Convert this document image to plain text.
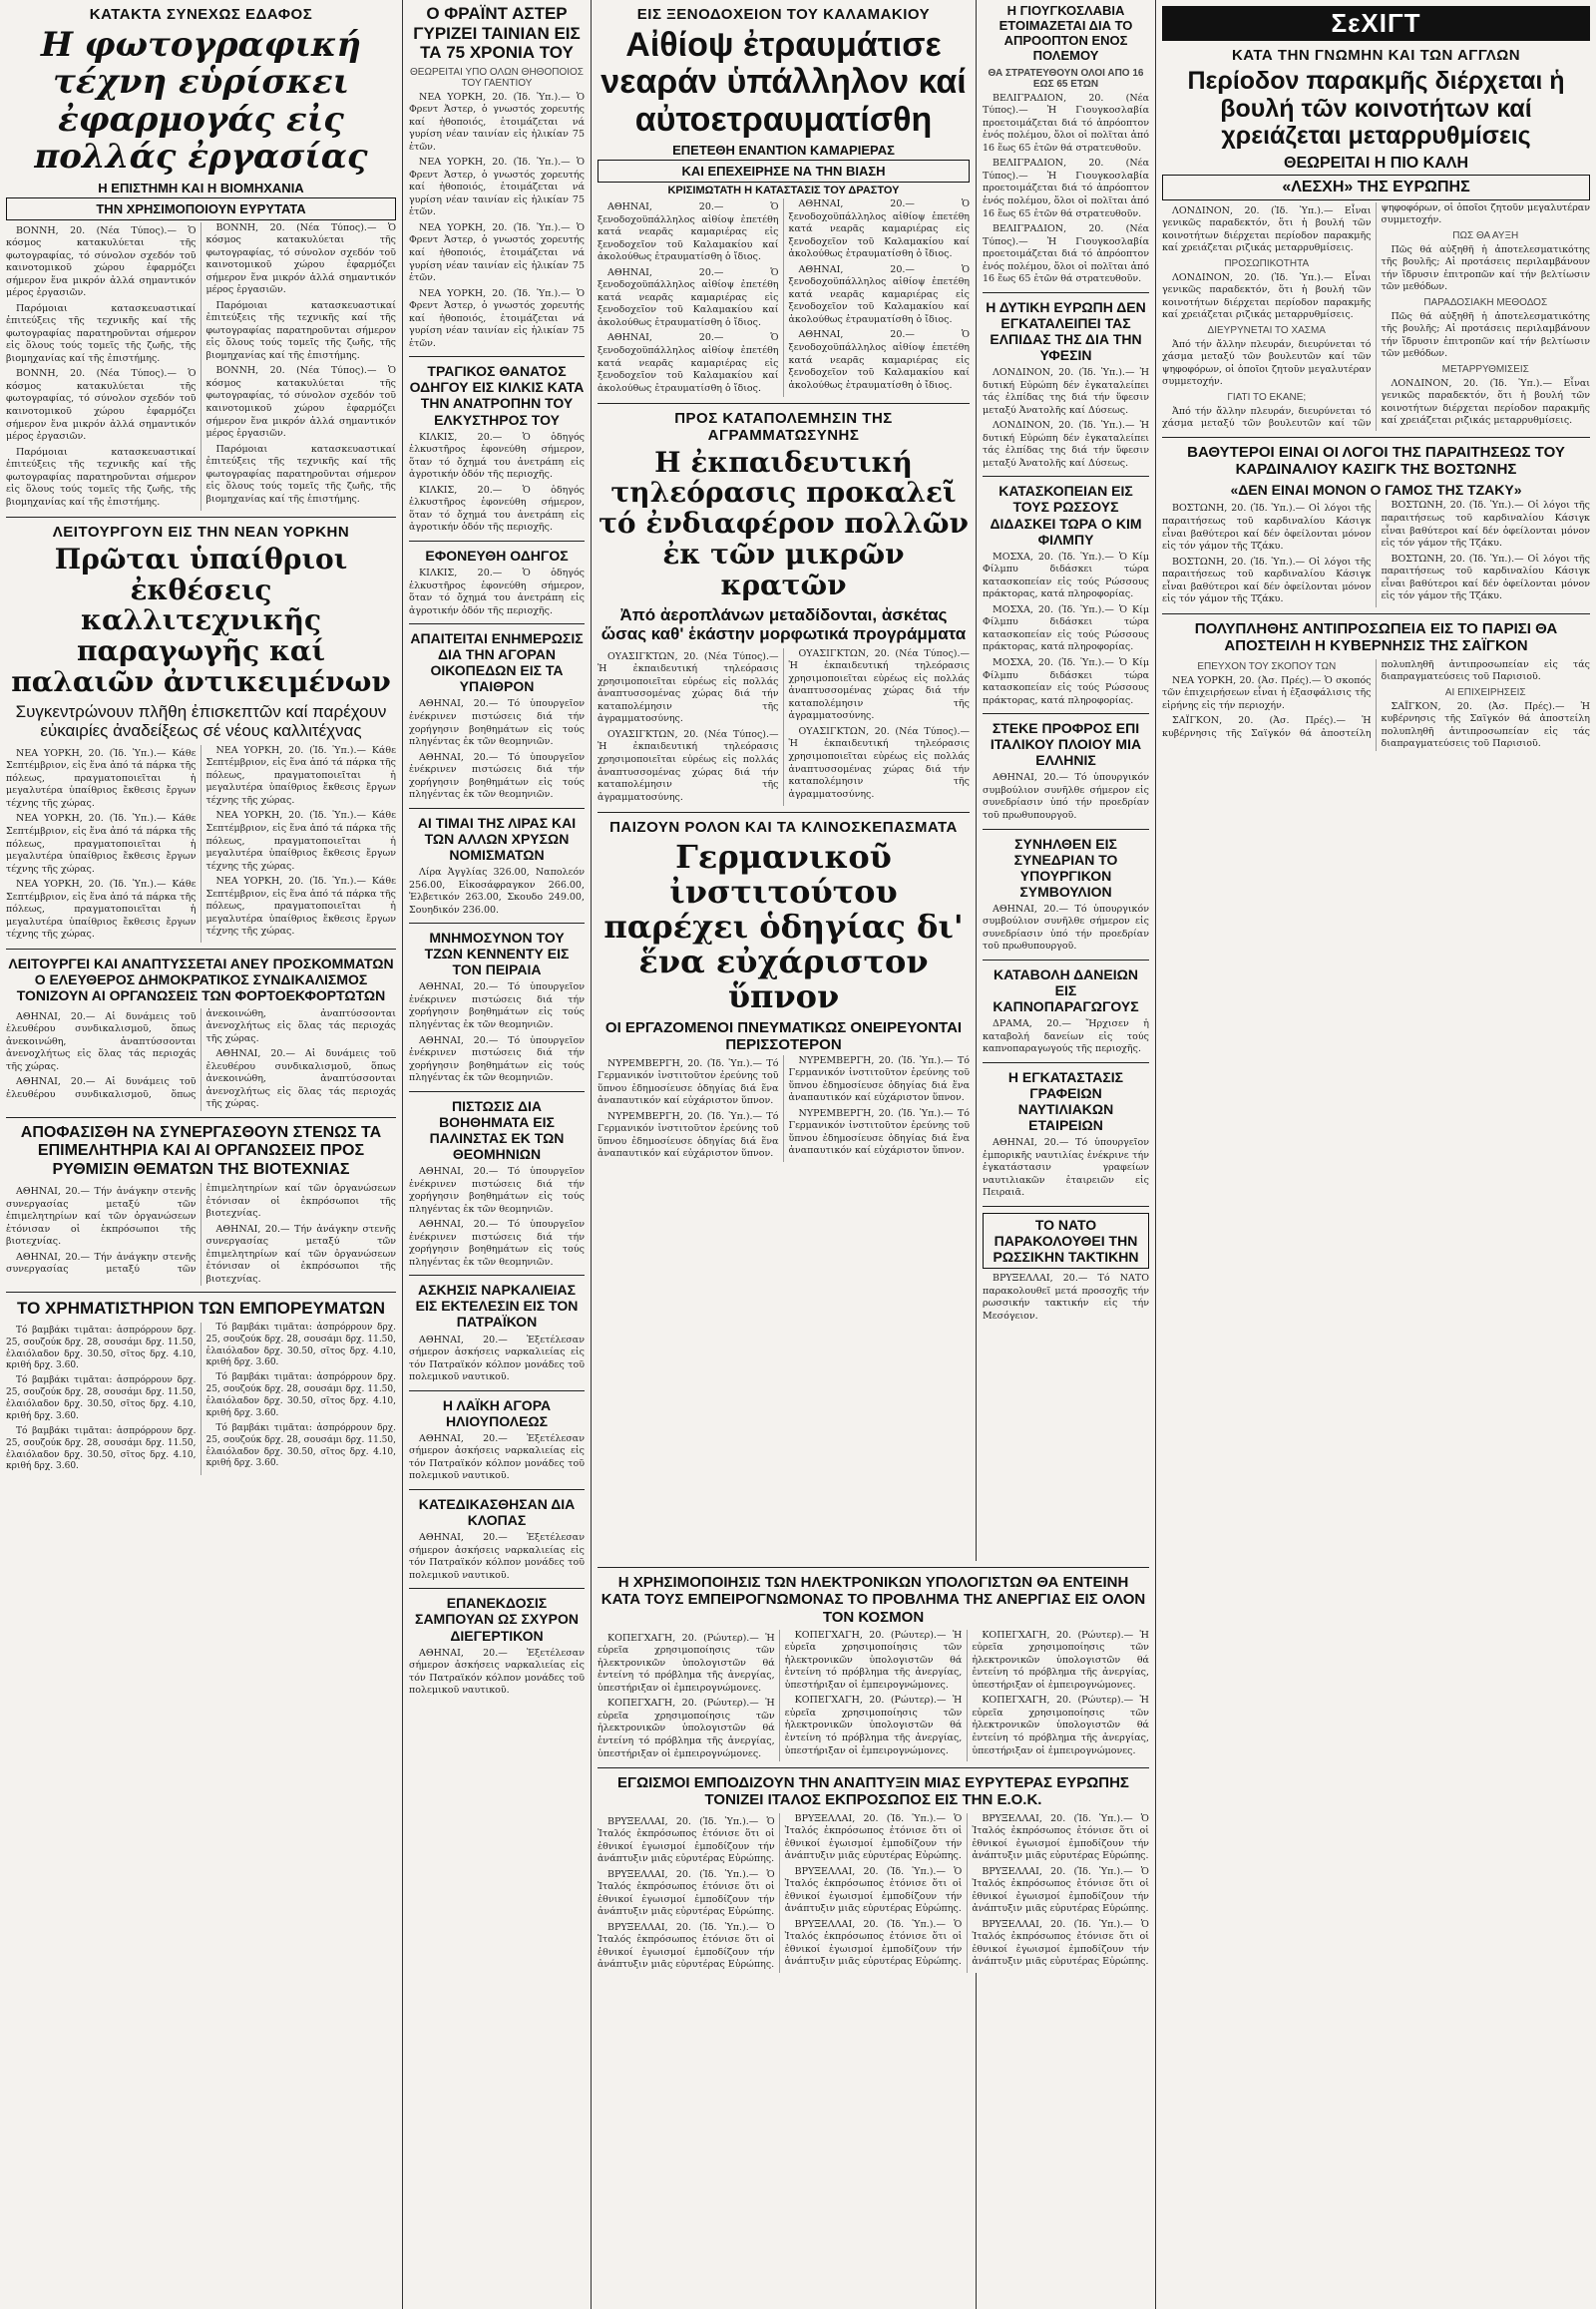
ΚΑΤΑΚΤΑ ΣΥΝΕΧΩΣ ΕΔΑΦΟΣ
Η φωτογραφική τέχνη εὑρίσκει ἐφαρμογάς εἰς πολλάς ἐργασίας
Η ΕΠΙΣΤΗΜΗ ΚΑΙ Η ΒΙΟΜΗΧΑΝΙΑ
ΤΗΝ ΧΡΗΣΙΜΟΠΟΙΟΥΝ ΕΥΡΥΤΑΤΑ

ΒΟΝΝΗ, 20. (Νέα Τύπος).— Ὁ κόσμος κατακυλύεται τῆς φωτογραφίας, τό σύνολον σχεδόν τοῦ καινοτομικοῦ χώρου ἐφαρμόζει σήμερον ἕνα μικρόν ἀλλά σημαντικόν μέρος ἐργασιῶν.

Παρόμοιαι κατασκευαστικαί ἐπιτεύξεις τῆς τεχνικῆς καί τῆς φωτογραφίας παρατηροῦνται σήμερον εἰς ὅλους τούς τομεῖς τῆς ζωῆς, τῆς βιομηχανίας καί τῆς ἐπιστήμης.

ΒΟΝΝΗ, 20. (Νέα Τύπος).— Ὁ κόσμος κατακυλύεται τῆς φωτογραφίας, τό σύνολον σχεδόν τοῦ καινοτομικοῦ χώρου ἐφαρμόζει σήμερον ἕνα μικρόν ἀλλά σημαντικόν μέρος ἐργασιῶν.

Παρόμοιαι κατασκευαστικαί ἐπιτεύξεις τῆς τεχνικῆς καί τῆς φωτογραφίας παρατηροῦνται σήμερον εἰς ὅλους τούς τομεῖς τῆς ζωῆς, τῆς βιομηχανίας καί τῆς ἐπιστήμης.

ΒΟΝΝΗ, 20. (Νέα Τύπος).— Ὁ κόσμος κατακυλύεται τῆς φωτογραφίας, τό σύνολον σχεδόν τοῦ καινοτομικοῦ χώρου ἐφαρμόζει σήμερον ἕνα μικρόν ἀλλά σημαντικόν μέρος ἐργασιῶν.

Παρόμοιαι κατασκευαστικαί ἐπιτεύξεις τῆς τεχνικῆς καί τῆς φωτογραφίας παρατηροῦνται σήμερον εἰς ὅλους τούς τομεῖς τῆς ζωῆς, τῆς βιομηχανίας καί τῆς ἐπιστήμης.

ΒΟΝΝΗ, 20. (Νέα Τύπος).— Ὁ κόσμος κατακυλύεται τῆς φωτογραφίας, τό σύνολον σχεδόν τοῦ καινοτομικοῦ χώρου ἐφαρμόζει σήμερον ἕνα μικρόν ἀλλά σημαντικόν μέρος ἐργασιῶν.

Παρόμοιαι κατασκευαστικαί ἐπιτεύξεις τῆς τεχνικῆς καί τῆς φωτογραφίας παρατηροῦνται σήμερον εἰς ὅλους τούς τομεῖς τῆς ζωῆς, τῆς βιομηχανίας καί τῆς ἐπιστήμης.

ΛΕΙΤΟΥΡΓΟΥΝ ΕΙΣ ΤΗΝ ΝΕΑΝ ΥΟΡΚΗΝ
Πρῶται ὑπαίθριοι ἐκθέσεις καλλιτεχνικῆς παραγωγῆς καί παλαιῶν ἀντικειμένων
Συγκεντρώνουν πλῆθη ἐπισκεπτῶν καί παρέχουν εὐκαιρίες ἀναδείξεως σέ νέους καλλιτέχνας

ΝΕΑ ΥΟΡΚΗ, 20. (Ἰδ. Ὑπ.).— Κάθε Σεπτέμβριον, εἰς ἕνα ἀπό τά πάρκα τῆς πόλεως, πραγματοποιεῖται ἡ μεγαλυτέρα ὑπαίθριος ἔκθεσις ἔργων τέχνης τῆς χώρας.

ΝΕΑ ΥΟΡΚΗ, 20. (Ἰδ. Ὑπ.).— Κάθε Σεπτέμβριον, εἰς ἕνα ἀπό τά πάρκα τῆς πόλεως, πραγματοποιεῖται ἡ μεγαλυτέρα ὑπαίθριος ἔκθεσις ἔργων τέχνης τῆς χώρας.

ΝΕΑ ΥΟΡΚΗ, 20. (Ἰδ. Ὑπ.).— Κάθε Σεπτέμβριον, εἰς ἕνα ἀπό τά πάρκα τῆς πόλεως, πραγματοποιεῖται ἡ μεγαλυτέρα ὑπαίθριος ἔκθεσις ἔργων τέχνης τῆς χώρας.

ΝΕΑ ΥΟΡΚΗ, 20. (Ἰδ. Ὑπ.).— Κάθε Σεπτέμβριον, εἰς ἕνα ἀπό τά πάρκα τῆς πόλεως, πραγματοποιεῖται ἡ μεγαλυτέρα ὑπαίθριος ἔκθεσις ἔργων τέχνης τῆς χώρας.

ΝΕΑ ΥΟΡΚΗ, 20. (Ἰδ. Ὑπ.).— Κάθε Σεπτέμβριον, εἰς ἕνα ἀπό τά πάρκα τῆς πόλεως, πραγματοποιεῖται ἡ μεγαλυτέρα ὑπαίθριος ἔκθεσις ἔργων τέχνης τῆς χώρας.

ΝΕΑ ΥΟΡΚΗ, 20. (Ἰδ. Ὑπ.).— Κάθε Σεπτέμβριον, εἰς ἕνα ἀπό τά πάρκα τῆς πόλεως, πραγματοποιεῖται ἡ μεγαλυτέρα ὑπαίθριος ἔκθεσις ἔργων τέχνης τῆς χώρας.

ΛΕΙΤΟΥΡΓΕΙ ΚΑΙ ΑΝΑΠΤΥΣΣΕΤΑΙ ΑΝΕΥ ΠΡΟΣΚΟΜΜΑΤΩΝ Ο ΕΛΕΥΘΕΡΟΣ ΔΗΜΟΚΡΑΤΙΚΟΣ ΣΥΝΔΙΚΑΛΙΣΜΟΣ ΤΟΝΙΖΟΥΝ ΑΙ ΟΡΓΑΝΩΣΕΙΣ ΤΩΝ ΦΟΡΤΟΕΚΦΟΡΤΩΤΩΝ

ΑΘΗΝΑΙ, 20.— Αἱ δυνάμεις τοῦ ἐλευθέρου συνδικαλισμοῦ, ὅπως ἀνεκοινώθη, ἀναπτύσσονται ἀνενοχλήτως εἰς ὅλας τάς περιοχάς τῆς χώρας.

ΑΘΗΝΑΙ, 20.— Αἱ δυνάμεις τοῦ ἐλευθέρου συνδικαλισμοῦ, ὅπως ἀνεκοινώθη, ἀναπτύσσονται ἀνενοχλήτως εἰς ὅλας τάς περιοχάς τῆς χώρας.

ΑΘΗΝΑΙ, 20.— Αἱ δυνάμεις τοῦ ἐλευθέρου συνδικαλισμοῦ, ὅπως ἀνεκοινώθη, ἀναπτύσσονται ἀνενοχλήτως εἰς ὅλας τάς περιοχάς τῆς χώρας.

ΑΠΟΦΑΣΙΣΘΗ ΝΑ ΣΥΝΕΡΓΑΣΘΟΥΝ ΣΤΕΝΩΣ ΤΑ ΕΠΙΜΕΛΗΤΗΡΙΑ ΚΑΙ ΑΙ ΟΡΓΑΝΩΣΕΙΣ ΠΡΟΣ ΡΥΘΜΙΣΙΝ ΘΕΜΑΤΩΝ ΤΗΣ ΒΙΟΤΕΧΝΙΑΣ

ΑΘΗΝΑΙ, 20.— Τήν ἀνάγκην στενῆς συνεργασίας μεταξύ τῶν ἐπιμελητηρίων καί τῶν ὀργανώσεων ἐτόνισαν οἱ ἐκπρόσωποι τῆς βιοτεχνίας.

ΑΘΗΝΑΙ, 20.— Τήν ἀνάγκην στενῆς συνεργασίας μεταξύ τῶν ἐπιμελητηρίων καί τῶν ὀργανώσεων ἐτόνισαν οἱ ἐκπρόσωποι τῆς βιοτεχνίας.

ΑΘΗΝΑΙ, 20.— Τήν ἀνάγκην στενῆς συνεργασίας μεταξύ τῶν ἐπιμελητηρίων καί τῶν ὀργανώσεων ἐτόνισαν οἱ ἐκπρόσωποι τῆς βιοτεχνίας.

ΤΟ ΧΡΗΜΑΤΙΣΤΗΡΙΟΝ ΤΩΝ ΕΜΠΟΡΕΥΜΑΤΩΝ

Τό βαμβάκι τιμᾶται: ἀσπρόρρουν δρχ. 25, σουζούκ δρχ. 28, σουσάμι δρχ. 11.50, ἐλαιόλαδον δρχ. 30.50, σῖτος δρχ. 4.10, κριθή δρχ. 3.60.

Τό βαμβάκι τιμᾶται: ἀσπρόρρουν δρχ. 25, σουζούκ δρχ. 28, σουσάμι δρχ. 11.50, ἐλαιόλαδον δρχ. 30.50, σῖτος δρχ. 4.10, κριθή δρχ. 3.60.

Τό βαμβάκι τιμᾶται: ἀσπρόρρουν δρχ. 25, σουζούκ δρχ. 28, σουσάμι δρχ. 11.50, ἐλαιόλαδον δρχ. 30.50, σῖτος δρχ. 4.10, κριθή δρχ. 3.60.

Τό βαμβάκι τιμᾶται: ἀσπρόρρουν δρχ. 25, σουζούκ δρχ. 28, σουσάμι δρχ. 11.50, ἐλαιόλαδον δρχ. 30.50, σῖτος δρχ. 4.10, κριθή δρχ. 3.60.

Τό βαμβάκι τιμᾶται: ἀσπρόρρουν δρχ. 25, σουζούκ δρχ. 28, σουσάμι δρχ. 11.50, ἐλαιόλαδον δρχ. 30.50, σῖτος δρχ. 4.10, κριθή δρχ. 3.60.

Τό βαμβάκι τιμᾶται: ἀσπρόρρουν δρχ. 25, σουζούκ δρχ. 28, σουσάμι δρχ. 11.50, ἐλαιόλαδον δρχ. 30.50, σῖτος δρχ. 4.10, κριθή δρχ. 3.60.

Ο ΦΡΑΪΝΤ ΑΣΤΕΡ ΓΥΡΙΖΕΙ ΤΑΙΝΙΑΝ ΕΙΣ ΤΑ 75 ΧΡΟΝΙΑ ΤΟΥ
ΘΕΩΡΕΙΤΑΙ ΥΠΟ ΟΛΩΝ ΘΗΘΟΠΟΙΟΣ ΤΟΥ ΓΑΕΝΤΙΟΥ

ΝΕΑ ΥΟΡΚΗ, 20. (Ἰδ. Ὑπ.).— Ὁ Φρεντ Ἀστερ, ὁ γνωστός χορευτής καί ἠθοποιός, ἑτοιμάζεται νά γυρίση νέαν ταινίαν εἰς ἡλικίαν 75 ἐτῶν.

ΝΕΑ ΥΟΡΚΗ, 20. (Ἰδ. Ὑπ.).— Ὁ Φρεντ Ἀστερ, ὁ γνωστός χορευτής καί ἠθοποιός, ἑτοιμάζεται νά γυρίση νέαν ταινίαν εἰς ἡλικίαν 75 ἐτῶν.

ΝΕΑ ΥΟΡΚΗ, 20. (Ἰδ. Ὑπ.).— Ὁ Φρεντ Ἀστερ, ὁ γνωστός χορευτής καί ἠθοποιός, ἑτοιμάζεται νά γυρίση νέαν ταινίαν εἰς ἡλικίαν 75 ἐτῶν.

ΝΕΑ ΥΟΡΚΗ, 20. (Ἰδ. Ὑπ.).— Ὁ Φρεντ Ἀστερ, ὁ γνωστός χορευτής καί ἠθοποιός, ἑτοιμάζεται νά γυρίση νέαν ταινίαν εἰς ἡλικίαν 75 ἐτῶν.

ΤΡΑΓΙΚΟΣ ΘΑΝΑΤΟΣ ΟΔΗΓΟΥ ΕΙΣ ΚΙΛΚΙΣ ΚΑΤΑ ΤΗΝ ΑΝΑΤΡΟΠΗΝ ΤΟΥ ΕΛΚΥΣΤΗΡΟΣ ΤΟΥ

ΚΙΛΚΙΣ, 20.— Ὁ ὁδηγός ἐλκυστῆρος ἐφονεύθη σήμερον, ὅταν τό ὄχημά του ἀνετράπη εἰς ἀγροτικήν ὁδόν τῆς περιοχῆς.

ΚΙΛΚΙΣ, 20.— Ὁ ὁδηγός ἐλκυστῆρος ἐφονεύθη σήμερον, ὅταν τό ὄχημά του ἀνετράπη εἰς ἀγροτικήν ὁδόν τῆς περιοχῆς.

ΕΦΟΝΕΥΘΗ ΟΔΗΓΟΣ

ΚΙΛΚΙΣ, 20.— Ὁ ὁδηγός ἐλκυστῆρος ἐφονεύθη σήμερον, ὅταν τό ὄχημά του ἀνετράπη εἰς ἀγροτικήν ὁδόν τῆς περιοχῆς.

ΑΠΑΙΤΕΙΤΑΙ ΕΝΗΜΕΡΩΣΙΣ ΔΙΑ ΤΗΝ ΑΓΟΡΑΝ ΟΙΚΟΠΕΔΩΝ ΕΙΣ ΤΑ ΥΠΑΙΘΡΟΝ

ΑΘΗΝΑΙ, 20.— Τό ὑπουργεῖον ἐνέκρινεν πιστώσεις διά τήν χορήγησιν βοηθημάτων εἰς τούς πληγέντας ἐκ τῶν θεομηνιῶν.

ΑΘΗΝΑΙ, 20.— Τό ὑπουργεῖον ἐνέκρινεν πιστώσεις διά τήν χορήγησιν βοηθημάτων εἰς τούς πληγέντας ἐκ τῶν θεομηνιῶν.

ΑΙ ΤΙΜΑΙ ΤΗΣ ΛΙΡΑΣ ΚΑΙ ΤΩΝ ΑΛΛΩΝ ΧΡΥΣΩΝ ΝΟΜΙΣΜΑΤΩΝ

Λίρα Ἀγγλίας 326.00, Ναπολεόν 256.00, Εἰκοσάφραγκον 266.00, Ἑλβετικόν 263.00, Σκουδο 249.00, Σουηδικόν 236.00.

ΜΝΗΜΟΣΥΝΟΝ ΤΟΥ ΤΖΩΝ ΚΕΝΝΕΝΤΥ ΕΙΣ ΤΟΝ ΠΕΙΡΑΙΑ

ΑΘΗΝΑΙ, 20.— Τό ὑπουργεῖον ἐνέκρινεν πιστώσεις διά τήν χορήγησιν βοηθημάτων εἰς τούς πληγέντας ἐκ τῶν θεομηνιῶν.

ΑΘΗΝΑΙ, 20.— Τό ὑπουργεῖον ἐνέκρινεν πιστώσεις διά τήν χορήγησιν βοηθημάτων εἰς τούς πληγέντας ἐκ τῶν θεομηνιῶν.

ΠΙΣΤΩΣΙΣ ΔΙΑ ΒΟΗΘΗΜΑΤΑ ΕΙΣ ΠΑΛΙΝΣΤΑΣ ΕΚ ΤΩΝ ΘΕΟΜΗΝΙΩΝ

ΑΘΗΝΑΙ, 20.— Τό ὑπουργεῖον ἐνέκρινεν πιστώσεις διά τήν χορήγησιν βοηθημάτων εἰς τούς πληγέντας ἐκ τῶν θεομηνιῶν.

ΑΘΗΝΑΙ, 20.— Τό ὑπουργεῖον ἐνέκρινεν πιστώσεις διά τήν χορήγησιν βοηθημάτων εἰς τούς πληγέντας ἐκ τῶν θεομηνιῶν.

ΑΣΚΗΣΙΣ ΝΑΡΚΑΛΙΕΙΑΣ ΕΙΣ ΕΚΤΕΛΕΣΙΝ ΕΙΣ ΤΟΝ ΠΑΤΡΑΪΚΟΝ

ΑΘΗΝΑΙ, 20.— Ἐξετέλεσαν σήμερον ἀσκήσεις ναρκαλιείας εἰς τόν Πατραϊκόν κόλπον μονάδες τοῦ πολεμικοῦ ναυτικοῦ.

Η ΛΑΪΚΗ ΑΓΟΡΑ ΗΛΙΟΥΠΟΛΕΩΣ

ΑΘΗΝΑΙ, 20.— Ἐξετέλεσαν σήμερον ἀσκήσεις ναρκαλιείας εἰς τόν Πατραϊκόν κόλπον μονάδες τοῦ πολεμικοῦ ναυτικοῦ.

ΚΑΤΕΔΙΚΑΣΘΗΣΑΝ ΔΙΑ ΚΛΟΠΑΣ

ΑΘΗΝΑΙ, 20.— Ἐξετέλεσαν σήμερον ἀσκήσεις ναρκαλιείας εἰς τόν Πατραϊκόν κόλπον μονάδες τοῦ πολεμικοῦ ναυτικοῦ.

ΕΠΑΝΕΚΔΟΣΙΣ ΣΑΜΠΟΥΑΝ ΩΣ ΣΧΥΡΟΝ ΔΙΕΓΕΡΤΙΚΟΝ

ΑΘΗΝΑΙ, 20.— Ἐξετέλεσαν σήμερον ἀσκήσεις ναρκαλιείας εἰς τόν Πατραϊκόν κόλπον μονάδες τοῦ πολεμικοῦ ναυτικοῦ.

ΕΙΣ ΞΕΝΟΔΟΧΕΙΟΝ ΤΟΥ ΚΑΛΑΜΑΚΙΟΥ
Αἰθίοψ ἐτραυμάτισε νεαράν ὑπάλληλον καί αὐτοετραυματίσθη
ΕΠΕΤΕΘΗ ΕΝΑΝΤΙΟΝ ΚΑΜΑΡΙΕΡΑΣ
ΚΑΙ ΕΠΕΧΕΙΡΗΣΕ ΝΑ ΤΗΝ ΒΙΑΣΗ
ΚΡΙΣΙΜΩΤΑΤΗ Η ΚΑΤΑΣΤΑΣΙΣ ΤΟΥ ΔΡΑΣΤΟΥ

ΑΘΗΝΑΙ, 20.— Ὁ ξενοδοχοϋπάλληλος αἰθίοψ ἐπετέθη κατά νεαρᾶς καμαριέρας εἰς ξενοδοχεῖον τοῦ Καλαμακίου καί ἀκολούθως ἐτραυματίσθη ὁ ἴδιος.

ΑΘΗΝΑΙ, 20.— Ὁ ξενοδοχοϋπάλληλος αἰθίοψ ἐπετέθη κατά νεαρᾶς καμαριέρας εἰς ξενοδοχεῖον τοῦ Καλαμακίου καί ἀκολούθως ἐτραυματίσθη ὁ ἴδιος.

ΑΘΗΝΑΙ, 20.— Ὁ ξενοδοχοϋπάλληλος αἰθίοψ ἐπετέθη κατά νεαρᾶς καμαριέρας εἰς ξενοδοχεῖον τοῦ Καλαμακίου καί ἀκολούθως ἐτραυματίσθη ὁ ἴδιος.

ΑΘΗΝΑΙ, 20.— Ὁ ξενοδοχοϋπάλληλος αἰθίοψ ἐπετέθη κατά νεαρᾶς καμαριέρας εἰς ξενοδοχεῖον τοῦ Καλαμακίου καί ἀκολούθως ἐτραυματίσθη ὁ ἴδιος.

ΑΘΗΝΑΙ, 20.— Ὁ ξενοδοχοϋπάλληλος αἰθίοψ ἐπετέθη κατά νεαρᾶς καμαριέρας εἰς ξενοδοχεῖον τοῦ Καλαμακίου καί ἀκολούθως ἐτραυματίσθη ὁ ἴδιος.

ΑΘΗΝΑΙ, 20.— Ὁ ξενοδοχοϋπάλληλος αἰθίοψ ἐπετέθη κατά νεαρᾶς καμαριέρας εἰς ξενοδοχεῖον τοῦ Καλαμακίου καί ἀκολούθως ἐτραυματίσθη ὁ ἴδιος.

ΠΡΟΣ ΚΑΤΑΠΟΛΕΜΗΣΙΝ ΤΗΣ ΑΓΡΑΜΜΑΤΩΣΥΝΗΣ
Η ἐκπαιδευτική τηλεόρασις προκαλεῖ τό ἐνδιαφέρον πολλῶν ἐκ τῶν μικρῶν κρατῶν
Ἀπό ἀεροπλάνων μεταδίδονται, ἀσκέτας ὥσας καθ' ἑκάστην μορφωτικά προγράμματα

ΟΥΑΣΙΓΚΤΩΝ, 20. (Νέα Τύπος).— Ἡ ἐκπαιδευτική τηλεόρασις χρησιμοποιεῖται εὐρέως εἰς πολλάς ἀναπτυσσομένας χώρας διά τήν καταπολέμησιν τῆς ἀγραμματοσύνης.

ΟΥΑΣΙΓΚΤΩΝ, 20. (Νέα Τύπος).— Ἡ ἐκπαιδευτική τηλεόρασις χρησιμοποιεῖται εὐρέως εἰς πολλάς ἀναπτυσσομένας χώρας διά τήν καταπολέμησιν τῆς ἀγραμματοσύνης.

ΟΥΑΣΙΓΚΤΩΝ, 20. (Νέα Τύπος).— Ἡ ἐκπαιδευτική τηλεόρασις χρησιμοποιεῖται εὐρέως εἰς πολλάς ἀναπτυσσομένας χώρας διά τήν καταπολέμησιν τῆς ἀγραμματοσύνης.

ΟΥΑΣΙΓΚΤΩΝ, 20. (Νέα Τύπος).— Ἡ ἐκπαιδευτική τηλεόρασις χρησιμοποιεῖται εὐρέως εἰς πολλάς ἀναπτυσσομένας χώρας διά τήν καταπολέμησιν τῆς ἀγραμματοσύνης.

ΠΑΙΖΟΥΝ ΡΟΛΟΝ ΚΑΙ ΤΑ ΚΛΙΝΟΣΚΕΠΑΣΜΑΤΑ
Γερμανικοῦ ἰνστιτούτου παρέχει ὁδηγίας δι' ἕνα εὐχάριστον ὕπνον
ΟΙ ΕΡΓΑΖΟΜΕΝΟΙ ΠΝΕΥΜΑΤΙΚΩΣ ΟΝΕΙΡΕΥΟΝΤΑΙ ΠΕΡΙΣΣΟΤΕΡΟΝ

ΝΥΡΕΜΒΕΡΓΗ, 20. (Ἰδ. Ὑπ.).— Τό Γερμανικόν ἰνστιτοῦτον ἐρεύνης τοῦ ὕπνου ἐδημοσίευσε ὁδηγίας διά ἕνα ἀναπαυτικόν καί εὐχάριστον ὕπνον.

ΝΥΡΕΜΒΕΡΓΗ, 20. (Ἰδ. Ὑπ.).— Τό Γερμανικόν ἰνστιτοῦτον ἐρεύνης τοῦ ὕπνου ἐδημοσίευσε ὁδηγίας διά ἕνα ἀναπαυτικόν καί εὐχάριστον ὕπνον.

ΝΥΡΕΜΒΕΡΓΗ, 20. (Ἰδ. Ὑπ.).— Τό Γερμανικόν ἰνστιτοῦτον ἐρεύνης τοῦ ὕπνου ἐδημοσίευσε ὁδηγίας διά ἕνα ἀναπαυτικόν καί εὐχάριστον ὕπνον.

ΝΥΡΕΜΒΕΡΓΗ, 20. (Ἰδ. Ὑπ.).— Τό Γερμανικόν ἰνστιτοῦτον ἐρεύνης τοῦ ὕπνου ἐδημοσίευσε ὁδηγίας διά ἕνα ἀναπαυτικόν καί εὐχάριστον ὕπνον.

Η ΓΙΟΥΓΚΟΣΛΑΒΙΑ ΕΤΟΙΜΑΖΕΤΑΙ ΔΙΑ ΤΟ ΑΠΡΟΟΠΤΟΝ ΕΝΟΣ ΠΟΛΕΜΟΥ
ΘΑ ΣΤΡΑΤΕΥΘΟΥΝ ΟΛΟΙ ΑΠΟ 16 ΕΩΣ 65 ΕΤΩΝ

ΒΕΛΙΓΡΑΔΙΟΝ, 20. (Νέα Τύπος).— Ἡ Γιουγκοσλαβία προετοιμάζεται διά τό ἀπρόοπτον ἑνός πολέμου, ὅλοι οἱ πολῖται ἀπό 16 ἕως 65 ἐτῶν θά στρατευθοῦν.

ΒΕΛΙΓΡΑΔΙΟΝ, 20. (Νέα Τύπος).— Ἡ Γιουγκοσλαβία προετοιμάζεται διά τό ἀπρόοπτον ἑνός πολέμου, ὅλοι οἱ πολῖται ἀπό 16 ἕως 65 ἐτῶν θά στρατευθοῦν.

ΒΕΛΙΓΡΑΔΙΟΝ, 20. (Νέα Τύπος).— Ἡ Γιουγκοσλαβία προετοιμάζεται διά τό ἀπρόοπτον ἑνός πολέμου, ὅλοι οἱ πολῖται ἀπό 16 ἕως 65 ἐτῶν θά στρατευθοῦν.

Η ΔΥΤΙΚΗ ΕΥΡΩΠΗ ΔΕΝ ΕΓΚΑΤΑΛΕΙΠΕΙ ΤΑΣ ΕΛΠΙΔΑΣ ΤΗΣ ΔΙΑ ΤΗΝ ΥΦΕΣΙΝ

ΛΟΝΔΙΝΟΝ, 20. (Ἰδ. Ὑπ.).— Ἡ δυτική Εὐρώπη δέν ἐγκαταλείπει τάς ἐλπίδας της διά τήν ὕφεσιν μεταξύ Ἀνατολῆς καί Δύσεως.

ΛΟΝΔΙΝΟΝ, 20. (Ἰδ. Ὑπ.).— Ἡ δυτική Εὐρώπη δέν ἐγκαταλείπει τάς ἐλπίδας της διά τήν ὕφεσιν μεταξύ Ἀνατολῆς καί Δύσεως.

ΚΑΤΑΣΚΟΠΕΙΑΝ ΕΙΣ ΤΟΥΣ ΡΩΣΣΟΥΣ ΔΙΔΑΣΚΕΙ ΤΩΡΑ Ο ΚΙΜ ΦΙΛΜΠΥ

ΜΟΣΧΑ, 20. (Ἰδ. Ὑπ.).— Ὁ Κίμ Φίλμπυ διδάσκει τώρα κατασκοπείαν εἰς τούς Ρώσσους πράκτορας, κατά πληροφορίας.

ΜΟΣΧΑ, 20. (Ἰδ. Ὑπ.).— Ὁ Κίμ Φίλμπυ διδάσκει τώρα κατασκοπείαν εἰς τούς Ρώσσους πράκτορας, κατά πληροφορίας.

ΜΟΣΧΑ, 20. (Ἰδ. Ὑπ.).— Ὁ Κίμ Φίλμπυ διδάσκει τώρα κατασκοπείαν εἰς τούς Ρώσσους πράκτορας, κατά πληροφορίας.

ΣΤΕΚΕ ΠΡΟΦΡΟΣ ΕΠΙ ΙΤΑΛΙΚΟΥ ΠΛΟΙΟΥ ΜΙΑ ΕΛΛΗΝΙΣ

ΑΘΗΝΑΙ, 20.— Τό ὑπουργικόν συμβούλιον συνῆλθε σήμερον εἰς συνεδρίασιν ὑπό τήν προεδρίαν τοῦ πρωθυπουργοῦ.

ΣΥΝΗΛΘΕΝ ΕΙΣ ΣΥΝΕΔΡΙΑΝ ΤΟ ΥΠΟΥΡΓΙΚΟΝ ΣΥΜΒΟΥΛΙΟΝ

ΑΘΗΝΑΙ, 20.— Τό ὑπουργικόν συμβούλιον συνῆλθε σήμερον εἰς συνεδρίασιν ὑπό τήν προεδρίαν τοῦ πρωθυπουργοῦ.

ΚΑΤΑΒΟΛΗ ΔΑΝΕΙΩΝ ΕΙΣ ΚΑΠΝΟΠΑΡΑΓΩΓΟΥΣ

ΔΡΑΜΑ, 20.— Ἤρχισεν ἡ καταβολή δανείων εἰς τούς καπνοπαραγωγούς τῆς περιοχῆς.

Η ΕΓΚΑΤΑΣΤΑΣΙΣ ΓΡΑΦΕΙΩΝ ΝΑΥΤΙΛΙΑΚΩΝ ΕΤΑΙΡΕΙΩΝ

ΑΘΗΝΑΙ, 20.— Τό ὑπουργεῖον ἐμπορικῆς ναυτιλίας ἐνέκρινε τήν ἐγκατάστασιν γραφείων ναυτιλιακῶν ἑταιρειῶν εἰς Πειραιᾶ.

ΤΟ ΝΑΤΟ ΠΑΡΑΚΟΛΟΥΘΕΙ ΤΗΝ ΡΩΣΣΙΚΗΝ ΤΑΚΤΙΚΗΝ

ΒΡΥΞΕΛΛΑΙ, 20.— Τό ΝΑΤΟ παρακολουθεῖ μετά προσοχῆς τήν ρωσσικήν τακτικήν εἰς τήν Μεσόγειον.

ΣεΧΙΓΤ
ΚΑΤΑ ΤΗΝ ΓΝΩΜΗΝ ΚΑΙ ΤΩΝ ΑΓΓΛΩΝ
Περίοδον παρακμῆς διέρχεται ἡ βουλή τῶν κοινοτήτων καί χρειάζεται μεταρρυθμίσεις
ΘΕΩΡΕΙΤΑΙ Η ΠΙΟ ΚΑΛΗ
«ΛΕΣΧΗ» ΤΗΣ ΕΥΡΩΠΗΣ

ΛΟΝΔΙΝΟΝ, 20. (Ἰδ. Ὑπ.).— Εἶναι γενικῶς παραδεκτόν, ὅτι ἡ βουλή τῶν κοινοτήτων διέρχεται περίοδον παρακμῆς καί χρειάζεται ριζικάς μεταρρυθμίσεις.

ΠΡΟΣΩΠΙΚΟΤΗΤΑ

ΛΟΝΔΙΝΟΝ, 20. (Ἰδ. Ὑπ.).— Εἶναι γενικῶς παραδεκτόν, ὅτι ἡ βουλή τῶν κοινοτήτων διέρχεται περίοδον παρακμῆς καί χρειάζεται ριζικάς μεταρρυθμίσεις.

ΔΙΕΥΡΥΝΕΤΑΙ ΤΟ ΧΑΣΜΑ

Ἀπό τήν ἄλλην πλευράν, διευρύνεται τό χάσμα μεταξύ τῶν βουλευτῶν καί τῶν ψηφοφόρων, οἱ ὁποῖοι ζητοῦν μεγαλυτέραν συμμετοχήν.

ΓΙΑΤΙ ΤΟ ΕΚΑΝΕ;

Ἀπό τήν ἄλλην πλευράν, διευρύνεται τό χάσμα μεταξύ τῶν βουλευτῶν καί τῶν ψηφοφόρων, οἱ ὁποῖοι ζητοῦν μεγαλυτέραν συμμετοχήν.

ΠΩΣ ΘΑ ΑΥΞΗ

Πῶς θά αὐξηθῆ ἡ ἀποτελεσματικότης τῆς βουλῆς; Αἱ προτάσεις περιλαμβάνουν τήν ἵδρυσιν ἐπιτροπῶν καί τήν βελτίωσιν τῶν μεθόδων.

ΠΑΡΑΔΟΣΙΑΚΗ ΜΕΘΟΔΟΣ

Πῶς θά αὐξηθῆ ἡ ἀποτελεσματικότης τῆς βουλῆς; Αἱ προτάσεις περιλαμβάνουν τήν ἵδρυσιν ἐπιτροπῶν καί τήν βελτίωσιν τῶν μεθόδων.

ΜΕΤΑΡΡΥΘΜΙΣΕΙΣ

ΛΟΝΔΙΝΟΝ, 20. (Ἰδ. Ὑπ.).— Εἶναι γενικῶς παραδεκτόν, ὅτι ἡ βουλή τῶν κοινοτήτων διέρχεται περίοδον παρακμῆς καί χρειάζεται ριζικάς μεταρρυθμίσεις.

ΒΑΘΥΤΕΡΟΙ ΕΙΝΑΙ ΟΙ ΛΟΓΟΙ ΤΗΣ ΠΑΡΑΙΤΗΣΕΩΣ ΤΟΥ ΚΑΡΔΙΝΑΛΙΟΥ ΚΑΣΙΓΚ ΤΗΣ ΒΟΣΤΩΝΗΣ
«ΔΕΝ ΕΙΝΑΙ ΜΟΝΟΝ Ο ΓΑΜΟΣ ΤΗΣ ΤΖΑΚΥ»

ΒΟΣΤΩΝΗ, 20. (Ἰδ. Ὑπ.).— Οἱ λόγοι τῆς παραιτήσεως τοῦ καρδιναλίου Κάσιγκ εἶναι βαθύτεροι καί δέν ὀφείλονται μόνον εἰς τόν γάμον τῆς Τζάκυ.

ΒΟΣΤΩΝΗ, 20. (Ἰδ. Ὑπ.).— Οἱ λόγοι τῆς παραιτήσεως τοῦ καρδιναλίου Κάσιγκ εἶναι βαθύτεροι καί δέν ὀφείλονται μόνον εἰς τόν γάμον τῆς Τζάκυ.

ΒΟΣΤΩΝΗ, 20. (Ἰδ. Ὑπ.).— Οἱ λόγοι τῆς παραιτήσεως τοῦ καρδιναλίου Κάσιγκ εἶναι βαθύτεροι καί δέν ὀφείλονται μόνον εἰς τόν γάμον τῆς Τζάκυ.

ΒΟΣΤΩΝΗ, 20. (Ἰδ. Ὑπ.).— Οἱ λόγοι τῆς παραιτήσεως τοῦ καρδιναλίου Κάσιγκ εἶναι βαθύτεροι καί δέν ὀφείλονται μόνον εἰς τόν γάμον τῆς Τζάκυ.

ΠΟΛΥΠΛΗΘΗΣ ΑΝΤΙΠΡΟΣΩΠΕΙΑ ΕΙΣ ΤΟ ΠΑΡΙΣΙ ΘΑ ΑΠΟΣΤΕΙΛΗ Η ΚΥΒΕΡΝΗΣΙΣ ΤΗΣ ΣΑΪΓΚΟΝ
ΕΠΕΥΧΟΝ ΤΟΥ ΣΚΟΠΟΥ ΤΩΝ

ΝΕΑ ΥΟΡΚΗ, 20. (Ἀσ. Πρές).— Ὁ σκοπός τῶν ἐπιχειρήσεων εἶναι ἡ ἐξασφάλισις τῆς εἰρήνης εἰς τήν περιοχήν.

ΣΑΪΓΚΟΝ, 20. (Ἀσ. Πρές).— Ἡ κυβέρνησις τῆς Σαϊγκόν θά ἀποστείλη πολυπληθῆ ἀντιπροσωπείαν εἰς τάς διαπραγματεύσεις τοῦ Παρισιοῦ.

ΑΙ ΕΠΙΧΕΙΡΗΣΕΙΣ

ΣΑΪΓΚΟΝ, 20. (Ἀσ. Πρές).— Ἡ κυβέρνησις τῆς Σαϊγκόν θά ἀποστείλη πολυπληθῆ ἀντιπροσωπείαν εἰς τάς διαπραγματεύσεις τοῦ Παρισιοῦ.

Η ΧΡΗΣΙΜΟΠΟΙΗΣΙΣ ΤΩΝ ΗΛΕΚΤΡΟΝΙΚΩΝ ΥΠΟΛΟΓΙΣΤΩΝ ΘΑ ΕΝΤΕΙΝΗ ΚΑΤΑ ΤΟΥΣ ΕΜΠΕΙΡΟΓΝΩΜΟΝΑΣ ΤΟ ΠΡΟΒΛΗΜΑ ΤΗΣ ΑΝΕΡΓΙΑΣ ΕΙΣ ΟΛΟΝ ΤΟΝ ΚΟΣΜΟΝ

ΚΟΠΕΓΧΑΓΗ, 20. (Ρώυτερ).— Ἡ εὐρεῖα χρησιμοποίησις τῶν ἠλεκτρονικῶν ὑπολογιστῶν θά ἐντείνη τό πρόβλημα τῆς ἀνεργίας, ὑπεστήριξαν οἱ ἐμπειρογνώμονες.

ΚΟΠΕΓΧΑΓΗ, 20. (Ρώυτερ).— Ἡ εὐρεῖα χρησιμοποίησις τῶν ἠλεκτρονικῶν ὑπολογιστῶν θά ἐντείνη τό πρόβλημα τῆς ἀνεργίας, ὑπεστήριξαν οἱ ἐμπειρογνώμονες.

ΚΟΠΕΓΧΑΓΗ, 20. (Ρώυτερ).— Ἡ εὐρεῖα χρησιμοποίησις τῶν ἠλεκτρονικῶν ὑπολογιστῶν θά ἐντείνη τό πρόβλημα τῆς ἀνεργίας, ὑπεστήριξαν οἱ ἐμπειρογνώμονες.

ΚΟΠΕΓΧΑΓΗ, 20. (Ρώυτερ).— Ἡ εὐρεῖα χρησιμοποίησις τῶν ἠλεκτρονικῶν ὑπολογιστῶν θά ἐντείνη τό πρόβλημα τῆς ἀνεργίας, ὑπεστήριξαν οἱ ἐμπειρογνώμονες.

ΚΟΠΕΓΧΑΓΗ, 20. (Ρώυτερ).— Ἡ εὐρεῖα χρησιμοποίησις τῶν ἠλεκτρονικῶν ὑπολογιστῶν θά ἐντείνη τό πρόβλημα τῆς ἀνεργίας, ὑπεστήριξαν οἱ ἐμπειρογνώμονες.

ΚΟΠΕΓΧΑΓΗ, 20. (Ρώυτερ).— Ἡ εὐρεῖα χρησιμοποίησις τῶν ἠλεκτρονικῶν ὑπολογιστῶν θά ἐντείνη τό πρόβλημα τῆς ἀνεργίας, ὑπεστήριξαν οἱ ἐμπειρογνώμονες.

ΕΓΩΙΣΜΟΙ ΕΜΠΟΔΙΖΟΥΝ ΤΗΝ ΑΝΑΠΤΥΞΙΝ ΜΙΑΣ ΕΥΡΥΤΕΡΑΣ ΕΥΡΩΠΗΣ ΤΟΝΙΖΕΙ ΙΤΑΛΟΣ ΕΚΠΡΟΣΩΠΟΣ ΕΙΣ ΤΗΝ Ε.Ο.Κ.

ΒΡΥΞΕΛΛΑΙ, 20. (Ἰδ. Ὑπ.).— Ὁ Ἰταλός ἐκπρόσωπος ἐτόνισε ὅτι οἱ ἐθνικοί ἐγωισμοί ἐμποδίζουν τήν ἀνάπτυξιν μιᾶς εὐρυτέρας Εὐρώπης.

ΒΡΥΞΕΛΛΑΙ, 20. (Ἰδ. Ὑπ.).— Ὁ Ἰταλός ἐκπρόσωπος ἐτόνισε ὅτι οἱ ἐθνικοί ἐγωισμοί ἐμποδίζουν τήν ἀνάπτυξιν μιᾶς εὐρυτέρας Εὐρώπης.

ΒΡΥΞΕΛΛΑΙ, 20. (Ἰδ. Ὑπ.).— Ὁ Ἰταλός ἐκπρόσωπος ἐτόνισε ὅτι οἱ ἐθνικοί ἐγωισμοί ἐμποδίζουν τήν ἀνάπτυξιν μιᾶς εὐρυτέρας Εὐρώπης.

ΒΡΥΞΕΛΛΑΙ, 20. (Ἰδ. Ὑπ.).— Ὁ Ἰταλός ἐκπρόσωπος ἐτόνισε ὅτι οἱ ἐθνικοί ἐγωισμοί ἐμποδίζουν τήν ἀνάπτυξιν μιᾶς εὐρυτέρας Εὐρώπης.

ΒΡΥΞΕΛΛΑΙ, 20. (Ἰδ. Ὑπ.).— Ὁ Ἰταλός ἐκπρόσωπος ἐτόνισε ὅτι οἱ ἐθνικοί ἐγωισμοί ἐμποδίζουν τήν ἀνάπτυξιν μιᾶς εὐρυτέρας Εὐρώπης.

ΒΡΥΞΕΛΛΑΙ, 20. (Ἰδ. Ὑπ.).— Ὁ Ἰταλός ἐκπρόσωπος ἐτόνισε ὅτι οἱ ἐθνικοί ἐγωισμοί ἐμποδίζουν τήν ἀνάπτυξιν μιᾶς εὐρυτέρας Εὐρώπης.

ΒΡΥΞΕΛΛΑΙ, 20. (Ἰδ. Ὑπ.).— Ὁ Ἰταλός ἐκπρόσωπος ἐτόνισε ὅτι οἱ ἐθνικοί ἐγωισμοί ἐμποδίζουν τήν ἀνάπτυξιν μιᾶς εὐρυτέρας Εὐρώπης.

ΒΡΥΞΕΛΛΑΙ, 20. (Ἰδ. Ὑπ.).— Ὁ Ἰταλός ἐκπρόσωπος ἐτόνισε ὅτι οἱ ἐθνικοί ἐγωισμοί ἐμποδίζουν τήν ἀνάπτυξιν μιᾶς εὐρυτέρας Εὐρώπης.

ΒΡΥΞΕΛΛΑΙ, 20. (Ἰδ. Ὑπ.).— Ὁ Ἰταλός ἐκπρόσωπος ἐτόνισε ὅτι οἱ ἐθνικοί ἐγωισμοί ἐμποδίζουν τήν ἀνάπτυξιν μιᾶς εὐρυτέρας Εὐρώπης.
